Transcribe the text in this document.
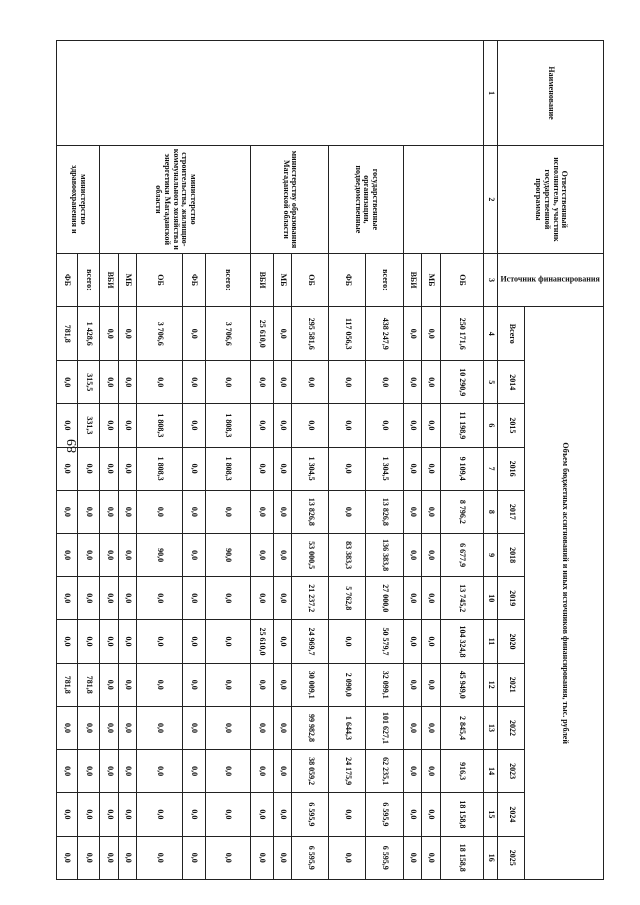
89
Наименование	Ответственный исполнитель, участник государственной программы	Источник финансирования	Объем бюджетных ассигнований и иных источников финансирования, тыс. рублей												
			Всего	2014	2015	2016	2017	2018	2019	2020	2021	2022	2023	2024	2025
1	2	3	4	5	6	7	8	9	10	11	12	13	14	15	16
		ОБ	250 171,6	10 290,9	11 198,9	9 109,4	8 796,2	6 677,9	13 745,2	104 324,8	45 949,0	2 845,4	916,3	18 158,8	18 158,8
		МБ	0,0	0,0	0,0	0,0	0,0	0,0	0,0	0,0	0,0	0,0	0,0	0,0	0,0
		ВБИ	0,0	0,0	0,0	0,0	0,0	0,0	0,0	0,0	0,0	0,0	0,0	0,0	0,0
	государственные организации, подведомственные	всего:	438 247,9	0,0	0,0	1 304,5	13 826,8	136 383,8	27 000,0	50 579,7	32 099,1	101 627,1	62 235,1	6 595,9	6 595,9
		ФБ	117 056,3	0,0	0,0	0,0	0,0	83 383,3	5 762,8	0,0	2 090,0	1 644,3	24 175,9	0,0	0,0
	министерству образования Магаданской области	ОБ	295 581,6	0,0	0,0	1 304,5	13 826,8	53 000,5	21 237,2	24 969,7	30 009,1	99 982,8	38 059,2	6 595,9	6 595,9
		МБ	0,0	0,0	0,0	0,0	0,0	0,0	0,0	0,0	0,0	0,0	0,0	0,0	0,0
		ВБИ	25 610,0	0,0	0,0	0,0	0,0	0,0	0,0	25 610,0	0,0	0,0	0,0	0,0	0,0
	министерство строительства, жилищно-коммунального хозяйства и энергетики Магаданской области	всего:	3 706,6	0,0	1 808,3	1 808,3	0,0	90,0	0,0	0,0	0,0	0,0	0,0	0,0	0,0
		ФБ	0,0	0,0	0,0	0,0	0,0	0,0	0,0	0,0	0,0	0,0	0,0	0,0	0,0
		ОБ	3 706,6	0,0	1 808,3	1 808,3	0,0	90,0	0,0	0,0	0,0	0,0	0,0	0,0	0,0
		МБ	0,0	0,0	0,0	0,0	0,0	0,0	0,0	0,0	0,0	0,0	0,0	0,0	0,0
		ВБИ	0,0	0,0	0,0	0,0	0,0	0,0	0,0	0,0	0,0	0,0	0,0	0,0	0,0
	министерство здравоохранения и	всего:	1 428,6	315,5	331,3	0,0	0,0	0,0	0,0	0,0	781,8	0,0	0,0	0,0	0,0
		ФБ	781,8	0,0	0,0	0,0	0,0	0,0	0,0	0,0	781,8	0,0	0,0	0,0	0,0
